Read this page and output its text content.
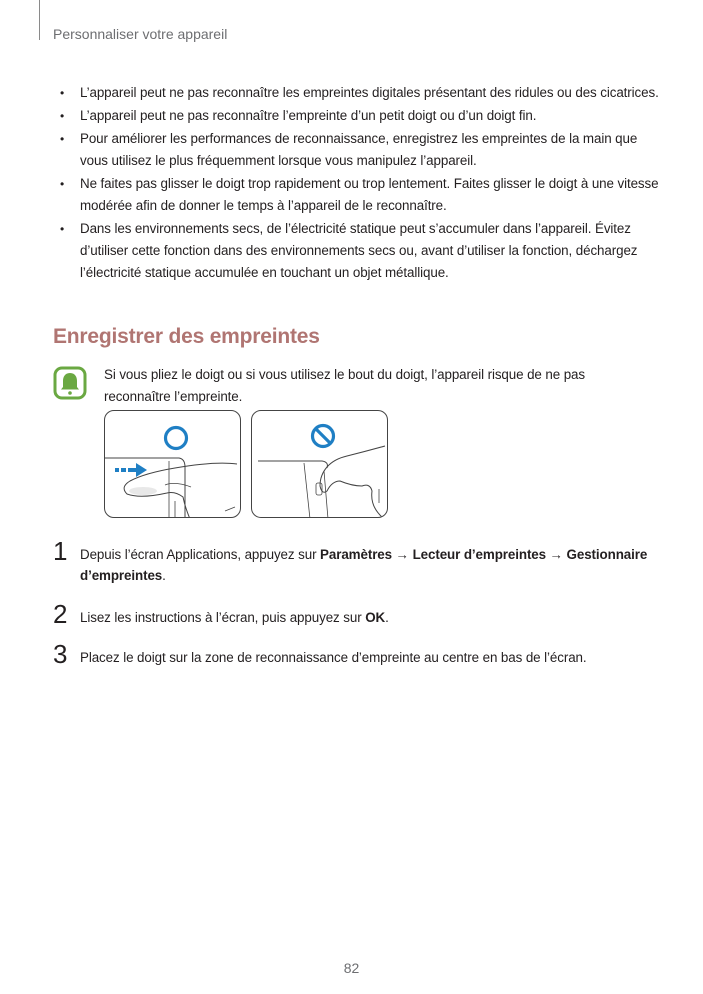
Personnaliser votre appareil
• L’appareil peut ne pas reconnaître les empreintes digitales présentant des ridules ou des cicatrices.
• L’appareil peut ne pas reconnaître l’empreinte d’un petit doigt ou d’un doigt fin.
• Pour améliorer les performances de reconnaissance, enregistrez les empreintes de la main que vous utilisez le plus fréquemment lorsque vous manipulez l’appareil.
• Ne faites pas glisser le doigt trop rapidement ou trop lentement. Faites glisser le doigt à une vitesse modérée afin de donner le temps à l’appareil de le reconnaître.
• Dans les environnements secs, de l’électricité statique peut s’accumuler dans l’appareil. Évitez d’utiliser cette fonction dans des environnements secs ou, avant d’utiliser la fonction, déchargez l’électricité statique accumulée en touchant un objet métallique.
Enregistrer des empreintes
Si vous pliez le doigt ou si vous utilisez le bout du doigt, l’appareil risque de ne pas reconnaître l’empreinte.
1 Depuis l’écran Applications, appuyez sur Paramètres → Lecteur d’empreintes → Gestionnaire d’empreintes.
2 Lisez les instructions à l’écran, puis appuyez sur OK.
3 Placez le doigt sur la zone de reconnaissance d’empreinte au centre en bas de l’écran.
82
